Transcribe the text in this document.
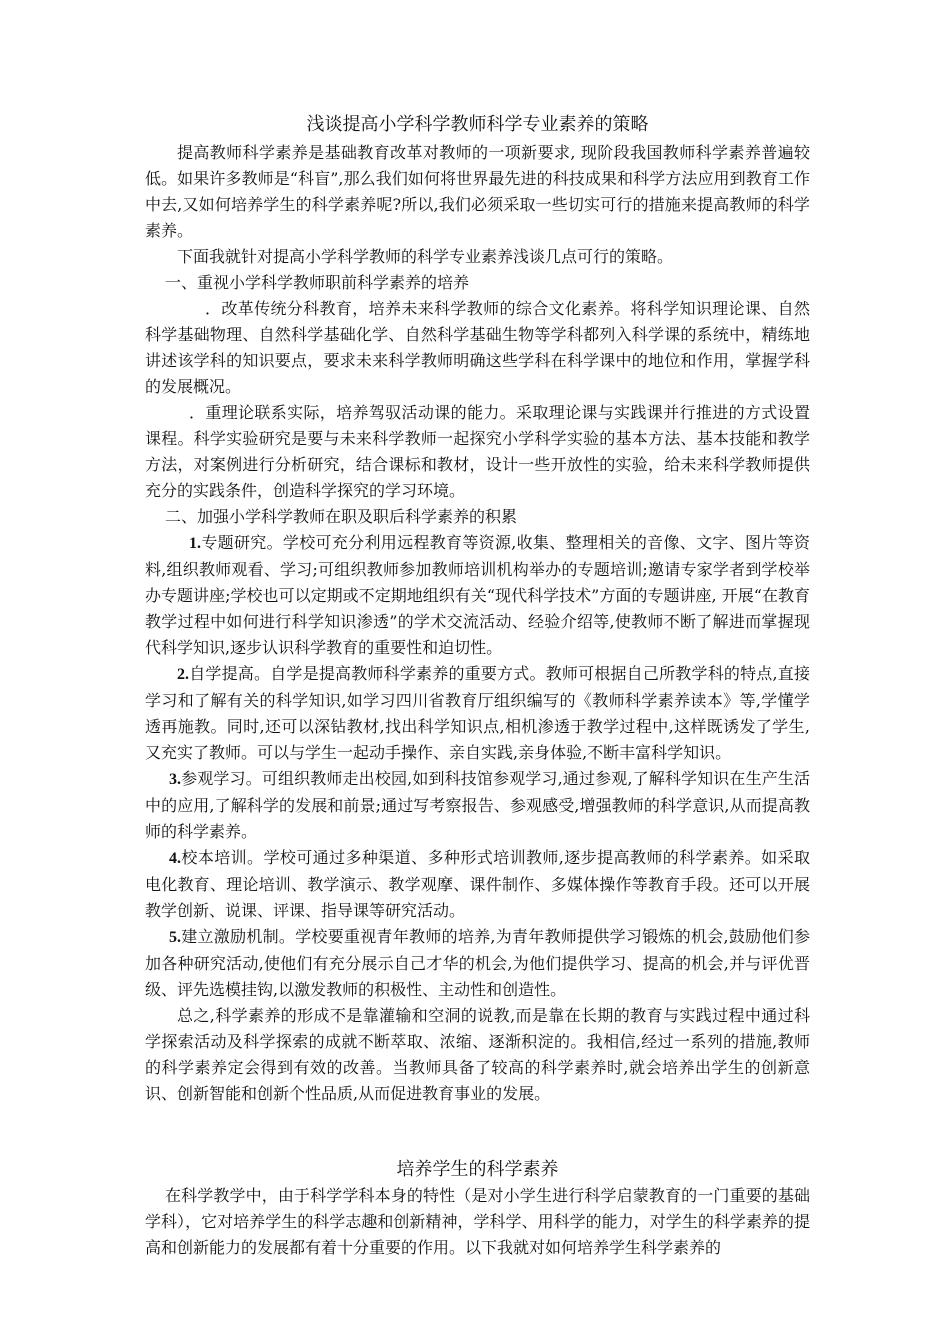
浅谈提高小学科学教师科学专业素养的策略

提高教师科学素养是基础教育改革对教师的一项新要求, 现阶段我国教师科学素养普遍较低。如果许多教师是“科盲”,那么我们如何将世界最先进的科技成果和科学方法应用到教育工作中去,又如何培养学生的科学素养呢?所以,我们必须采取一些切实可行的措施来提高教师的科学素养。

下面我就针对提高小学科学教师的科学专业素养浅谈几点可行的策略。

一、重视小学科学教师职前科学素养的培养

．改革传统分科教育，培养未来科学教师的综合文化素养。将科学知识理论课、自然科学基础物理、自然科学基础化学、自然科学基础生物等学科都列入科学课的系统中，精练地讲述该学科的知识要点，要求未来科学教师明确这些学科在科学课中的地位和作用，掌握学科的发展概况。

．重理论联系实际，培养驾驭活动课的能力。采取理论课与实践课并行推进的方式设置课程。科学实验研究是要与未来科学教师一起探究小学科学实验的基本方法、基本技能和教学方法，对案例进行分析研究，结合课标和教材，设计一些开放性的实验，给未来科学教师提供充分的实践条件，创造科学探究的学习环境。

二、加强小学科学教师在职及职后科学素养的积累

1.专题研究。学校可充分利用远程教育等资源,收集、整理相关的音像、文字、图片等资料,组织教师观看、学习;可组织教师参加教师培训机构举办的专题培训;邀请专家学者到学校举办专题讲座;学校也可以定期或不定期地组织有关“现代科学技术”方面的专题讲座, 开展“在教育教学过程中如何进行科学知识渗透”的学术交流活动、经验介绍等,使教师不断了解进而掌握现代科学知识,逐步认识科学教育的重要性和迫切性。

2.自学提高。自学是提高教师科学素养的重要方式。教师可根据自己所教学科的特点,直接学习和了解有关的科学知识,如学习四川省教育厅组织编写的《教师科学素养读本》等,学懂学透再施教。同时,还可以深钻教材,找出科学知识点,相机渗透于教学过程中,这样既诱发了学生,又充实了教师。可以与学生一起动手操作、亲自实践,亲身体验,不断丰富科学知识。

3.参观学习。可组织教师走出校园,如到科技馆参观学习,通过参观,了解科学知识在生产生活中的应用,了解科学的发展和前景;通过写考察报告、参观感受,增强教师的科学意识,从而提高教师的科学素养。

4.校本培训。学校可通过多种渠道、多种形式培训教师,逐步提高教师的科学素养。如采取电化教育、理论培训、教学演示、教学观摩、课件制作、多媒体操作等教育手段。还可以开展教学创新、说课、评课、指导课等研究活动。

5.建立激励机制。学校要重视青年教师的培养,为青年教师提供学习锻炼的机会,鼓励他们参加各种研究活动,使他们有充分展示自己才华的机会,为他们提供学习、提高的机会,并与评优晋级、评先选模挂钩,以激发教师的积极性、主动性和创造性。

总之,科学素养的形成不是靠灌输和空洞的说教,而是靠在长期的教育与实践过程中通过科学探索活动及科学探索的成就不断萃取、浓缩、逐渐积淀的。我相信,经过一系列的措施,教师的科学素养定会得到有效的改善。当教师具备了较高的科学素养时,就会培养出学生的创新意识、创新智能和创新个性品质,从而促进教育事业的发展。

培养学生的科学素养

在科学教学中，由于科学学科本身的特性（是对小学生进行科学启蒙教育的一门重要的基础学科），它对培养学生的科学志趣和创新精神，学科学、用科学的能力，对学生的科学素养的提高和创新能力的发展都有着十分重要的作用。以下我就对如何培养学生科学素养的
